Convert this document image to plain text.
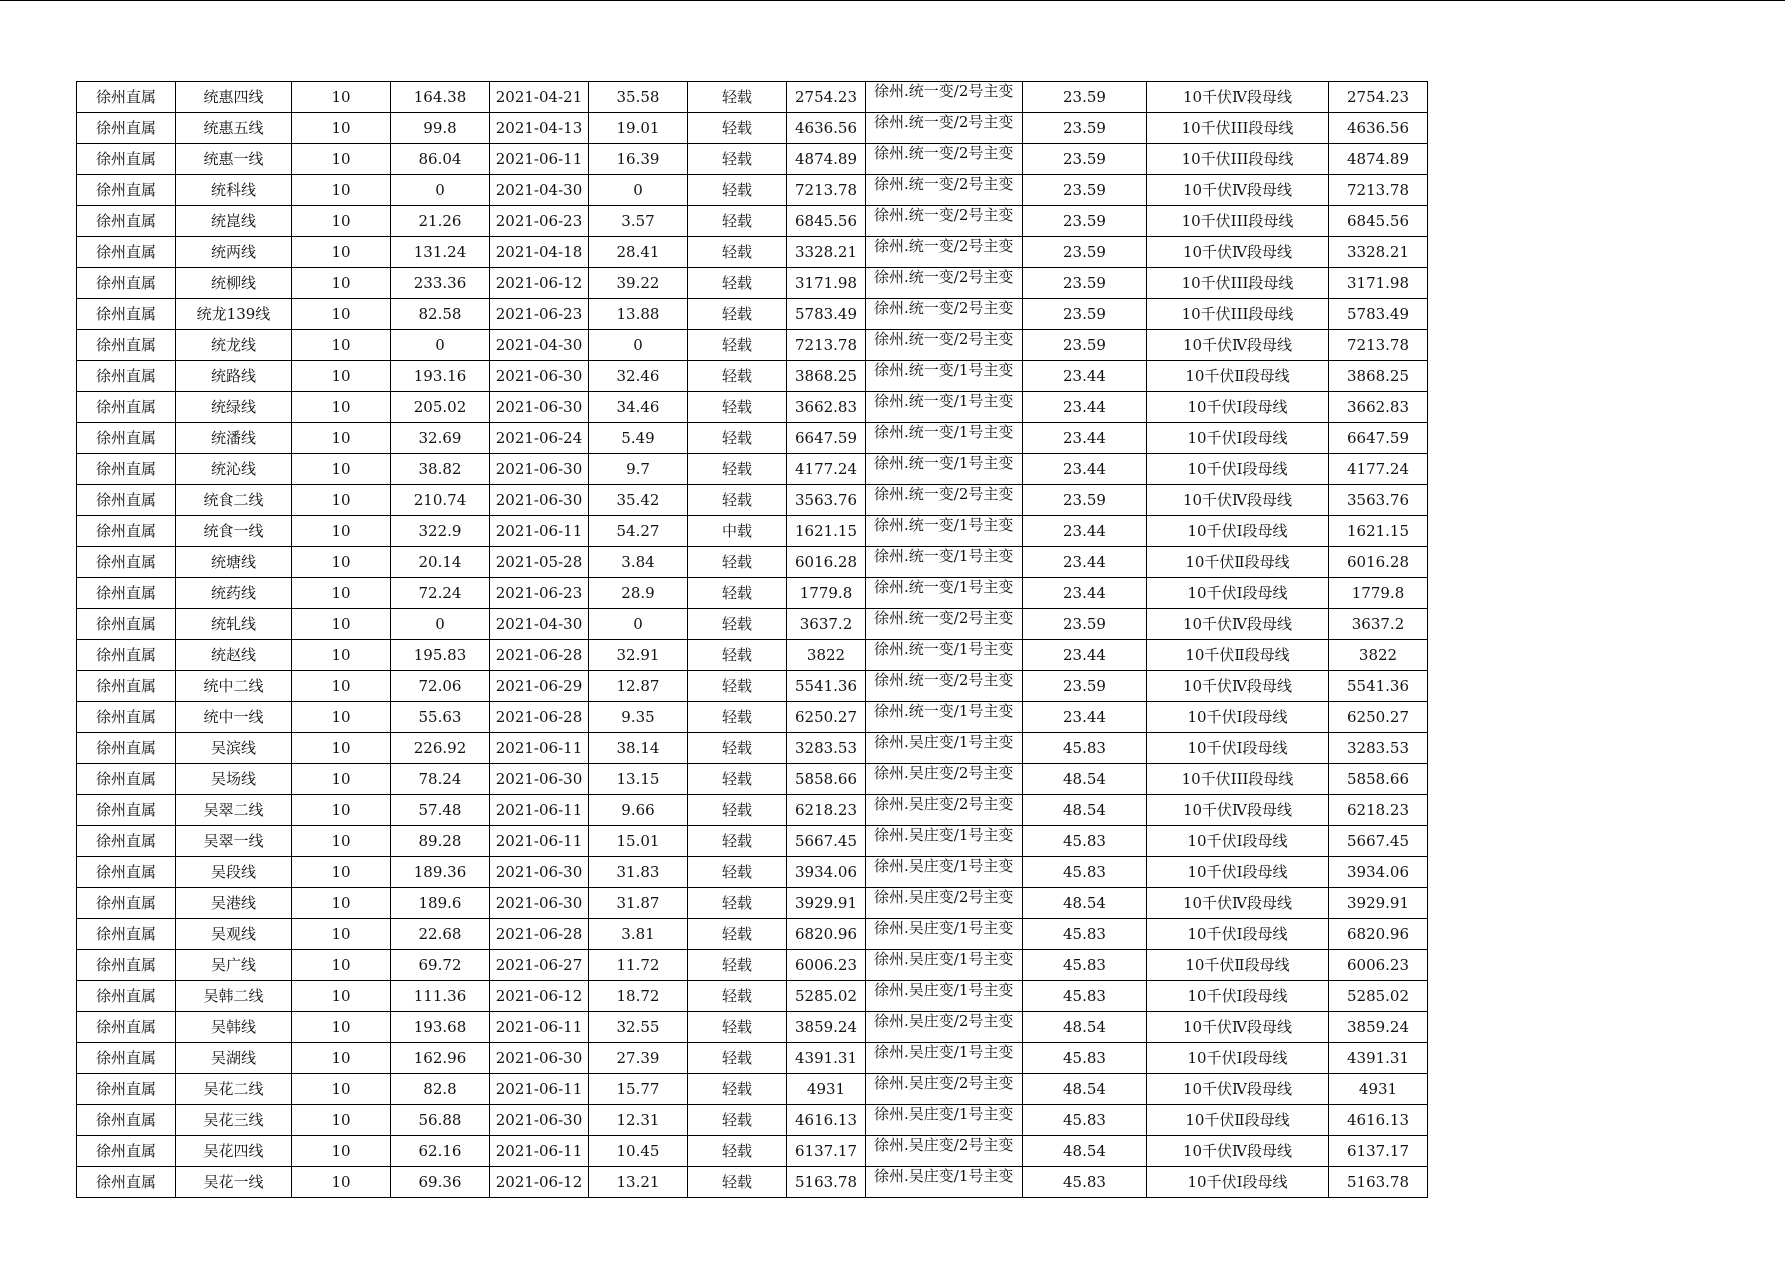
徐州直属	统惠四线	10	164.38	2021-04-21	35.58	轻载	2754.23	徐州.统一变/2号主变	23.59	10千伏Ⅳ段母线	2754.23
徐州直属	统惠五线	10	99.8	2021-04-13	19.01	轻载	4636.56	徐州.统一变/2号主变	23.59	10千伏III段母线	4636.56
徐州直属	统惠一线	10	86.04	2021-06-11	16.39	轻载	4874.89	徐州.统一变/2号主变	23.59	10千伏III段母线	4874.89
徐州直属	统科线	10	0	2021-04-30	0	轻载	7213.78	徐州.统一变/2号主变	23.59	10千伏Ⅳ段母线	7213.78
徐州直属	统崑线	10	21.26	2021-06-23	3.57	轻载	6845.56	徐州.统一变/2号主变	23.59	10千伏III段母线	6845.56
徐州直属	统两线	10	131.24	2021-04-18	28.41	轻载	3328.21	徐州.统一变/2号主变	23.59	10千伏Ⅳ段母线	3328.21
徐州直属	统柳线	10	233.36	2021-06-12	39.22	轻载	3171.98	徐州.统一变/2号主变	23.59	10千伏III段母线	3171.98
徐州直属	统龙139线	10	82.58	2021-06-23	13.88	轻载	5783.49	徐州.统一变/2号主变	23.59	10千伏III段母线	5783.49
徐州直属	统龙线	10	0	2021-04-30	0	轻载	7213.78	徐州.统一变/2号主变	23.59	10千伏Ⅳ段母线	7213.78
徐州直属	统路线	10	193.16	2021-06-30	32.46	轻载	3868.25	徐州.统一变/1号主变	23.44	10千伏Ⅱ段母线	3868.25
徐州直属	统绿线	10	205.02	2021-06-30	34.46	轻载	3662.83	徐州.统一变/1号主变	23.44	10千伏Ⅰ段母线	3662.83
徐州直属	统潘线	10	32.69	2021-06-24	5.49	轻载	6647.59	徐州.统一变/1号主变	23.44	10千伏Ⅰ段母线	6647.59
徐州直属	统沁线	10	38.82	2021-06-30	9.7	轻载	4177.24	徐州.统一变/1号主变	23.44	10千伏Ⅰ段母线	4177.24
徐州直属	统食二线	10	210.74	2021-06-30	35.42	轻载	3563.76	徐州.统一变/2号主变	23.59	10千伏Ⅳ段母线	3563.76
徐州直属	统食一线	10	322.9	2021-06-11	54.27	中载	1621.15	徐州.统一变/1号主变	23.44	10千伏Ⅰ段母线	1621.15
徐州直属	统塘线	10	20.14	2021-05-28	3.84	轻载	6016.28	徐州.统一变/1号主变	23.44	10千伏Ⅱ段母线	6016.28
徐州直属	统药线	10	72.24	2021-06-23	28.9	轻载	1779.8	徐州.统一变/1号主变	23.44	10千伏Ⅰ段母线	1779.8
徐州直属	统轧线	10	0	2021-04-30	0	轻载	3637.2	徐州.统一变/2号主变	23.59	10千伏Ⅳ段母线	3637.2
徐州直属	统赵线	10	195.83	2021-06-28	32.91	轻载	3822	徐州.统一变/1号主变	23.44	10千伏Ⅱ段母线	3822
徐州直属	统中二线	10	72.06	2021-06-29	12.87	轻载	5541.36	徐州.统一变/2号主变	23.59	10千伏Ⅳ段母线	5541.36
徐州直属	统中一线	10	55.63	2021-06-28	9.35	轻载	6250.27	徐州.统一变/1号主变	23.44	10千伏Ⅰ段母线	6250.27
徐州直属	吴滨线	10	226.92	2021-06-11	38.14	轻载	3283.53	徐州.吴庄变/1号主变	45.83	10千伏Ⅰ段母线	3283.53
徐州直属	吴场线	10	78.24	2021-06-30	13.15	轻载	5858.66	徐州.吴庄变/2号主变	48.54	10千伏III段母线	5858.66
徐州直属	吴翠二线	10	57.48	2021-06-11	9.66	轻载	6218.23	徐州.吴庄变/2号主变	48.54	10千伏Ⅳ段母线	6218.23
徐州直属	吴翠一线	10	89.28	2021-06-11	15.01	轻载	5667.45	徐州.吴庄变/1号主变	45.83	10千伏Ⅰ段母线	5667.45
徐州直属	吴段线	10	189.36	2021-06-30	31.83	轻载	3934.06	徐州.吴庄变/1号主变	45.83	10千伏Ⅰ段母线	3934.06
徐州直属	吴港线	10	189.6	2021-06-30	31.87	轻载	3929.91	徐州.吴庄变/2号主变	48.54	10千伏Ⅳ段母线	3929.91
徐州直属	吴观线	10	22.68	2021-06-28	3.81	轻载	6820.96	徐州.吴庄变/1号主变	45.83	10千伏Ⅰ段母线	6820.96
徐州直属	吴广线	10	69.72	2021-06-27	11.72	轻载	6006.23	徐州.吴庄变/1号主变	45.83	10千伏Ⅱ段母线	6006.23
徐州直属	吴韩二线	10	111.36	2021-06-12	18.72	轻载	5285.02	徐州.吴庄变/1号主变	45.83	10千伏Ⅰ段母线	5285.02
徐州直属	吴韩线	10	193.68	2021-06-11	32.55	轻载	3859.24	徐州.吴庄变/2号主变	48.54	10千伏Ⅳ段母线	3859.24
徐州直属	吴湖线	10	162.96	2021-06-30	27.39	轻载	4391.31	徐州.吴庄变/1号主变	45.83	10千伏Ⅰ段母线	4391.31
徐州直属	吴花二线	10	82.8	2021-06-11	15.77	轻载	4931	徐州.吴庄变/2号主变	48.54	10千伏Ⅳ段母线	4931
徐州直属	吴花三线	10	56.88	2021-06-30	12.31	轻载	4616.13	徐州.吴庄变/1号主变	45.83	10千伏Ⅱ段母线	4616.13
徐州直属	吴花四线	10	62.16	2021-06-11	10.45	轻载	6137.17	徐州.吴庄变/2号主变	48.54	10千伏Ⅳ段母线	6137.17
徐州直属	吴花一线	10	69.36	2021-06-12	13.21	轻载	5163.78	徐州.吴庄变/1号主变	45.83	10千伏Ⅰ段母线	5163.78
